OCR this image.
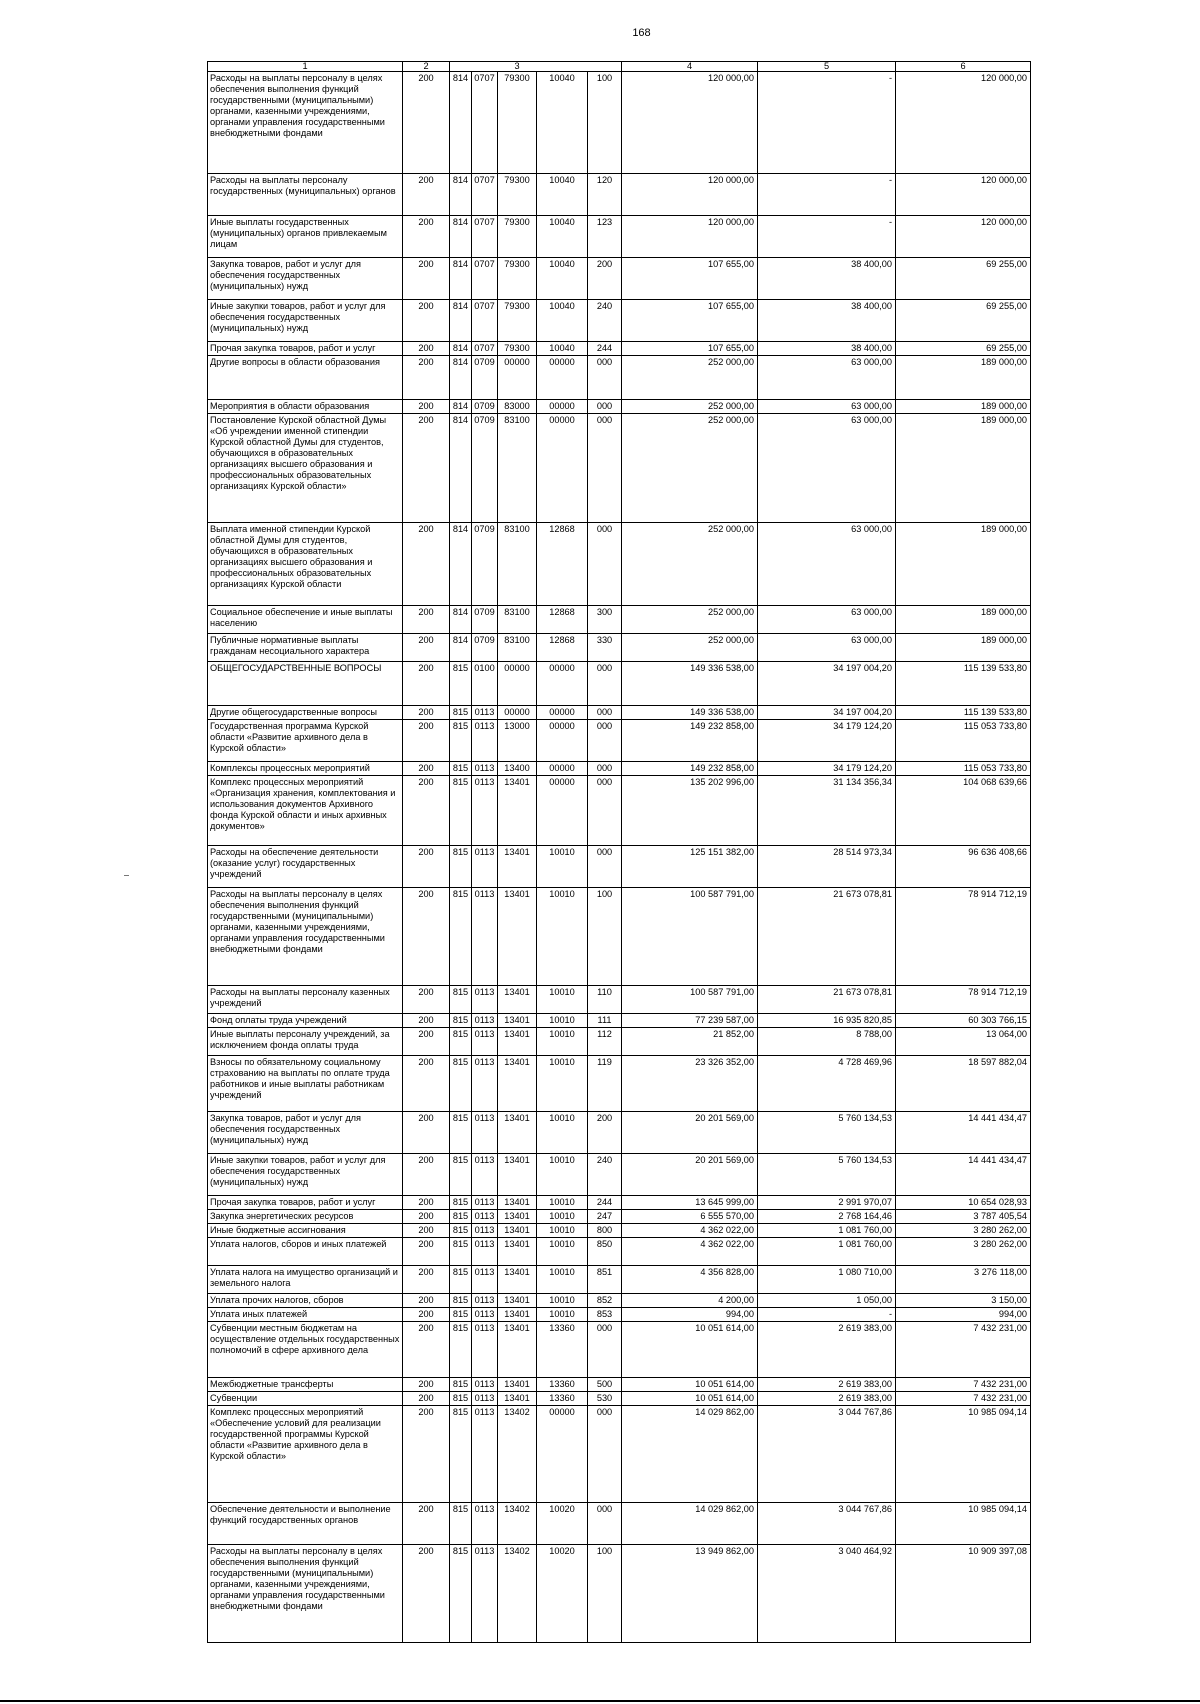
168
1	2			3			4	5	6
Расходы на выплаты персоналу в целях обеспечения выполнения функций государственными (муниципальными) органами, казенными учреждениями, органами управления государственными внебюджетными фондами	200	814	0707	79300	10040	100	120 000,00	-	120 000,00
Расходы на выплаты персоналу государственных (муниципальных) органов	200	814	0707	79300	10040	120	120 000,00	-	120 000,00
Иные выплаты государственных (муниципальных) органов привлекаемым лицам	200	814	0707	79300	10040	123	120 000,00	-	120 000,00
Закупка товаров, работ и услуг для обеспечения государственных (муниципальных) нужд	200	814	0707	79300	10040	200	107 655,00	38 400,00	69 255,00
Иные закупки товаров, работ и услуг для обеспечения государственных (муниципальных) нужд	200	814	0707	79300	10040	240	107 655,00	38 400,00	69 255,00
Прочая закупка товаров, работ и услуг	200	814	0707	79300	10040	244	107 655,00	38 400,00	69 255,00
Другие вопросы в области образования	200	814	0709	00000	00000	000	252 000,00	63 000,00	189 000,00
Мероприятия в области образования	200	814	0709	83000	00000	000	252 000,00	63 000,00	189 000,00
Постановление Курской областной Думы «Об учреждении именной стипендии Курской областной Думы для студентов, обучающихся в образовательных организациях высшего образования и профессиональных образовательных организациях Курской области»	200	814	0709	83100	00000	000	252 000,00	63 000,00	189 000,00
Выплата именной стипендии Курской областной Думы для студентов, обучающихся в образовательных организациях высшего образования и профессиональных образовательных организациях Курской области	200	814	0709	83100	12868	000	252 000,00	63 000,00	189 000,00
Социальное обеспечение и иные выплаты населению	200	814	0709	83100	12868	300	252 000,00	63 000,00	189 000,00
Публичные нормативные выплаты гражданам несоциального характера	200	814	0709	83100	12868	330	252 000,00	63 000,00	189 000,00
ОБЩЕГОСУДАРСТВЕННЫЕ ВОПРОСЫ	200	815	0100	00000	00000	000	149 336 538,00	34 197 004,20	115 139 533,80
Другие общегосударственные вопросы	200	815	0113	00000	00000	000	149 336 538,00	34 197 004,20	115 139 533,80
Государственная программа Курской области «Развитие архивного дела в Курской области»	200	815	0113	13000	00000	000	149 232 858,00	34 179 124,20	115 053 733,80
Комплексы процессных мероприятий	200	815	0113	13400	00000	000	149 232 858,00	34 179 124,20	115 053 733,80
Комплекс процессных мероприятий «Организация хранения, комплектования и использования документов Архивного фонда Курской области и иных архивных документов»	200	815	0113	13401	00000	000	135 202 996,00	31 134 356,34	104 068 639,66
Расходы на обеспечение деятельности (оказание услуг) государственных учреждений	200	815	0113	13401	10010	000	125 151 382,00	28 514 973,34	96 636 408,66
Расходы на выплаты персоналу в целях обеспечения выполнения функций государственными (муниципальными) органами, казенными учреждениями, органами управления государственными внебюджетными фондами	200	815	0113	13401	10010	100	100 587 791,00	21 673 078,81	78 914 712,19
Расходы на выплаты персоналу казенных учреждений	200	815	0113	13401	10010	110	100 587 791,00	21 673 078,81	78 914 712,19
Фонд оплаты труда учреждений	200	815	0113	13401	10010	111	77 239 587,00	16 935 820,85	60 303 766,15
Иные выплаты персоналу учреждений, за исключением фонда оплаты труда	200	815	0113	13401	10010	112	21 852,00	8 788,00	13 064,00
Взносы по обязательному социальному страхованию на выплаты по оплате труда работников и иные выплаты работникам учреждений	200	815	0113	13401	10010	119	23 326 352,00	4 728 469,96	18 597 882,04
Закупка товаров, работ и услуг для обеспечения государственных (муниципальных) нужд	200	815	0113	13401	10010	200	20 201 569,00	5 760 134,53	14 441 434,47
Иные закупки товаров, работ и услуг для обеспечения государственных (муниципальных) нужд	200	815	0113	13401	10010	240	20 201 569,00	5 760 134,53	14 441 434,47
Прочая закупка товаров, работ и услуг	200	815	0113	13401	10010	244	13 645 999,00	2 991 970,07	10 654 028,93
Закупка энергетических ресурсов	200	815	0113	13401	10010	247	6 555 570,00	2 768 164,46	3 787 405,54
Иные бюджетные ассигнования	200	815	0113	13401	10010	800	4 362 022,00	1 081 760,00	3 280 262,00
Уплата налогов, сборов и иных платежей	200	815	0113	13401	10010	850	4 362 022,00	1 081 760,00	3 280 262,00
Уплата налога на имущество организаций и земельного налога	200	815	0113	13401	10010	851	4 356 828,00	1 080 710,00	3 276 118,00
Уплата прочих налогов, сборов	200	815	0113	13401	10010	852	4 200,00	1 050,00	3 150,00
Уплата иных платежей	200	815	0113	13401	10010	853	994,00	-	994,00
Субвенции местным бюджетам на осуществление отдельных государственных полномочий в сфере архивного дела	200	815	0113	13401	13360	000	10 051 614,00	2 619 383,00	7 432 231,00
Межбюджетные трансферты	200	815	0113	13401	13360	500	10 051 614,00	2 619 383,00	7 432 231,00
Субвенции	200	815	0113	13401	13360	530	10 051 614,00	2 619 383,00	7 432 231,00
Комплекс процессных мероприятий «Обеспечение условий для реализации государственной программы Курской области «Развитие архивного дела в Курской области»	200	815	0113	13402	00000	000	14 029 862,00	3 044 767,86	10 985 094,14
Обеспечение деятельности и выполнение функций государственных органов	200	815	0113	13402	10020	000	14 029 862,00	3 044 767,86	10 985 094,14
Расходы на выплаты персоналу в целях обеспечения выполнения функций государственными (муниципальными) органами, казенными учреждениями, органами управления государственными внебюджетными фондами	200	815	0113	13402	10020	100	13 949 862,00	3 040 464,92	10 909 397,08
